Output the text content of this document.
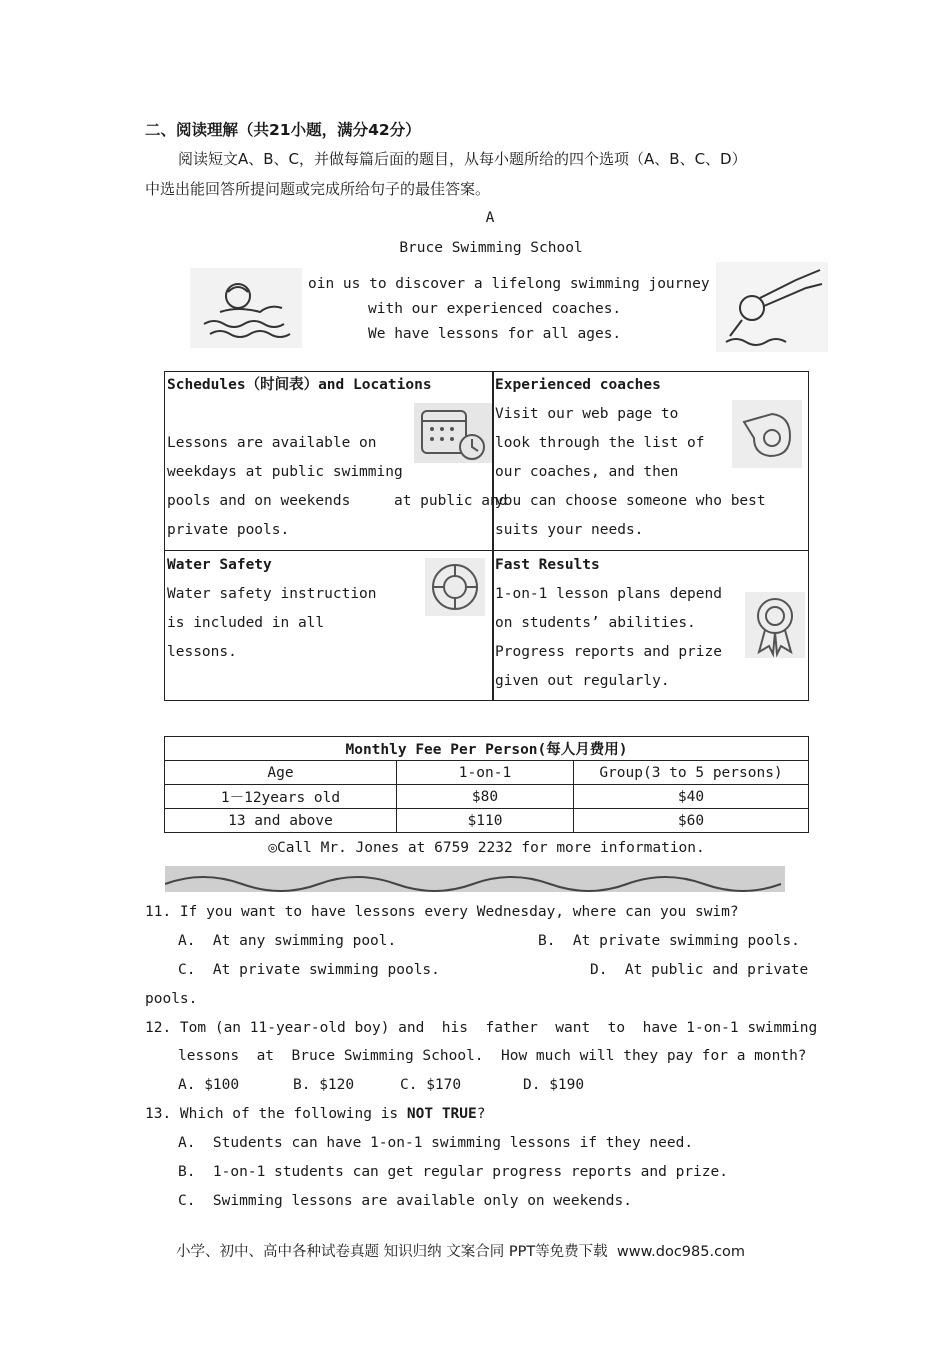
二、阅读理解（共21小题，满分42分）
阅读短文A、B、C，并做每篇后面的题目，从每小题所给的四个选项（A、B、C、D）
中选出能回答所提问题或完成所给句子的最佳答案。
A
Bruce Swimming School
oin us to discover a lifelong swimming journey
with our experienced coaches.
We have lessons for all ages.
Schedules（时间表）and Locations
Lessons are available on
weekdays at public swimming
pools and on weekends     at public and
private pools.
Experienced coaches
Visit our web page to
look through the list of
our coaches, and then
you can choose someone who best
suits your needs.
Water Safety
Water safety instruction
is included in all
lessons.
Fast Results
1-on-1 lesson plans depend
on students’ abilities.
Progress reports and prize
given out regularly.
Monthly Fee Per Person(每人月费用)		
Age	1-on-1	Group(3 to 5 persons)
1－12years old	$80	$40
13 and above	$110	$60
◎Call Mr. Jones at 6759 2232 for more information.
11. If you want to have lessons every Wednesday, where can you swim?
A.  At any swimming pool.	B.  At private swimming pools.
C.  At private swimming pools.	D.  At public and private
pools.
12. Tom (an 11-year-old boy) and  his  father  want  to  have 1-on-1 swimming
lessons  at  Bruce Swimming School.  How much will they pay for a month?
A. $100	B. $120	C. $170	D. $190
13. Which of the following is NOT TRUE?
A.  Students can have 1-on-1 swimming lessons if they need.
B.  1-on-1 students can get regular progress reports and prize.
C.  Swimming lessons are available only on weekends.
小学、初中、高中各种试卷真题 知识归纳 文案合同 PPT等免费下载  www.doc985.com
